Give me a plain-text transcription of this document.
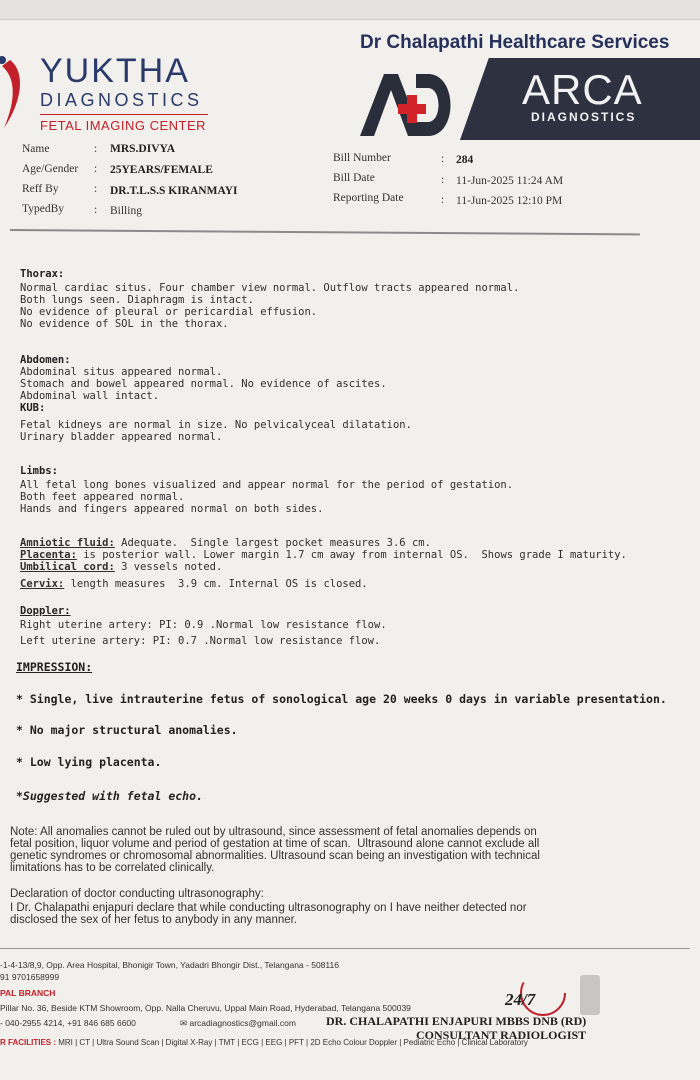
YUKTHA
DIAGNOSTICS
FETAL IMAGING CENTER
Dr Chalapathi Healthcare Services
ARCA
DIAGNOSTICS
Name	: MRS.DIVYA
Age/Gender : 25YEARS/FEMALE
Reff By	: DR.T.L.S.S KIRANMAYI
TypedBy	: Billing
Bill Number	: 284
Bill Date	: 11-Jun-2025 11:24 AM
Reporting Date	: 11-Jun-2025 12:10 PM
Thorax:
Normal cardiac situs. Four chamber view normal. Outflow tracts appeared normal.
Both lungs seen. Diaphragm is intact.
No evidence of pleural or pericardial effusion.
No evidence of SOL in the thorax.
Abdomen:
Abdominal situs appeared normal.
Stomach and bowel appeared normal. No evidence of ascites.
Abdominal wall intact.
KUB:
Fetal kidneys are normal in size. No pelvicalyceal dilatation.
Urinary bladder appeared normal.
Limbs:
All fetal long bones visualized and appear normal for the period of gestation.
Both feet appeared normal.
Hands and fingers appeared normal on both sides.
Amniotic fluid: Adequate.  Single largest pocket measures 3.6 cm.
Placenta: is posterior wall. Lower margin 1.7 cm away from internal OS.  Shows grade I maturity.
Umbilical cord: 3 vessels noted.
Cervix: length measures  3.9 cm. Internal OS is closed.
Doppler:
Right uterine artery: PI: 0.9 .Normal low resistance flow.
Left uterine artery: PI: 0.7 .Normal low resistance flow.
IMPRESSION:
* Single, live intrauterine fetus of sonological age 20 weeks 0 days in variable presentation.
* No major structural anomalies.
* Low lying placenta.
*Suggested with fetal echo.
Note: All anomalies cannot be ruled out by ultrasound, since assessment of fetal anomalies depends on
fetal position, liquor volume and period of gestation at time of scan.  Ultrasound alone cannot exclude all
genetic syndromes or chromosomal abnormalities. Ultrasound scan being an investigation with technical
limitations has to be correlated clinically.
Declaration of doctor conducting ultrasonography:
I Dr. Chalapathi enjapuri declare that while conducting ultrasonography on I have neither detected nor
disclosed the sex of her fetus to anybody in any manner.
-1-4-13/8,9, Opp. Area Hospital, Bhonigir Town, Yadadri Bhongir Dist., Telangana - 508116
91 9701658999
PAL BRANCH
Pillar No. 36, Beside KTM Showroom, Opp. Nalla Cheruvu, Uppal Main Road, Hyderabad, Telangana 500039
- 040-2955 4214, +91 846 685 6600	✉ arcadiagnostics@gmail.com
24/7
DR. CHALAPATHI ENJAPURI MBBS DNB (RD)
CONSULTANT RADIOLOGIST
R FACILITIES : MRI | CT | Ultra Sound Scan | Digital X-Ray | TMT | ECG | EEG | PFT | 2D Echo Colour Doppler | Pediatric Echo | Clinical Laboratory
